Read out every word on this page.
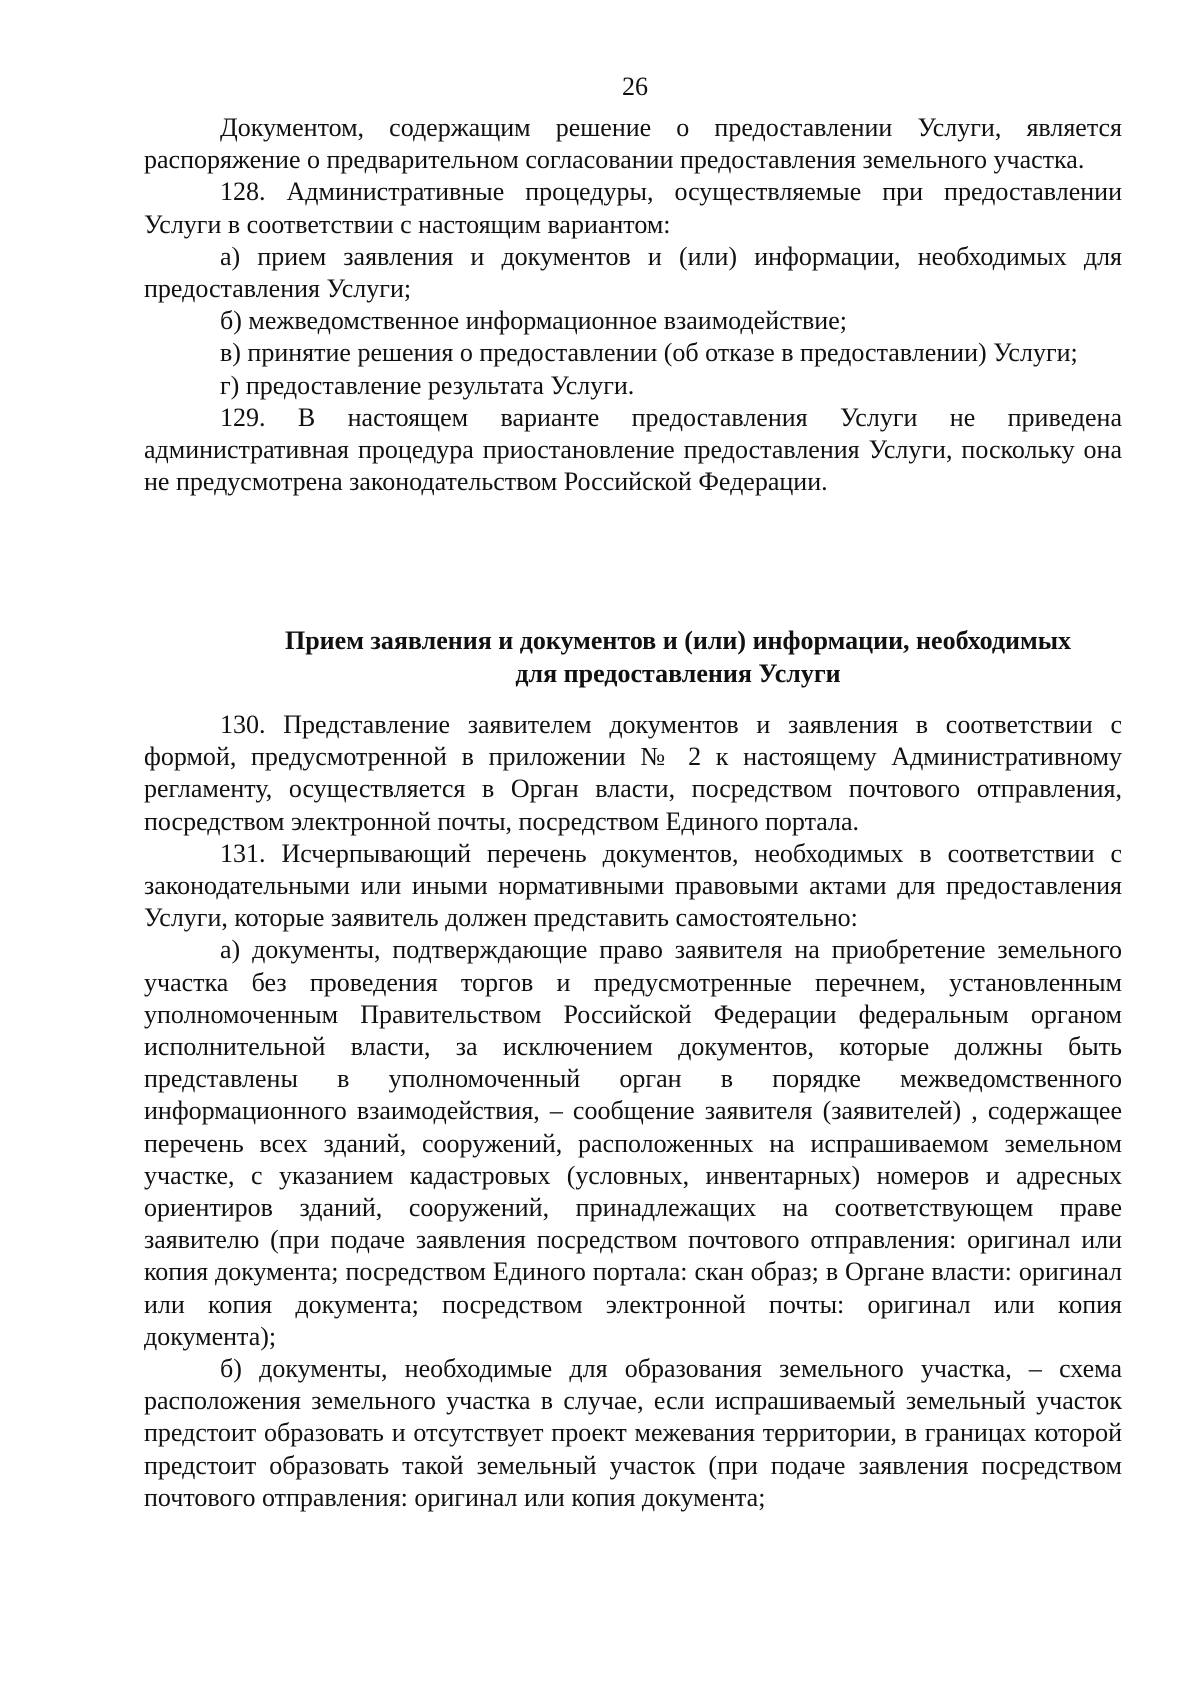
26

Документом, содержащим решение о предоставлении Услуги, является распоряжение о предварительном согласовании предоставления земельного участка.

128. Административные процедуры, осуществляемые при предоставлении Услуги в соответствии с настоящим вариантом:

а) прием заявления и документов и (или) информации, необходимых для предоставления Услуги;

б) межведомственное информационное взаимодействие;

в) принятие решения о предоставлении (об отказе в предоставлении) Услуги;

г) предоставление результата Услуги.

129. В настоящем варианте предоставления Услуги не приведена административная процедура приостановление предоставления Услуги, поскольку она не предусмотрена законодательством Российской Федерации.

Прием заявления и документов и (или) информации, необходимых
для предоставления Услуги

130. Представление заявителем документов и заявления в соответствии с формой, предусмотренной в приложении № 2 к настоящему Административному регламенту, осуществляется в Орган власти, посредством почтового отправления, посредством электронной почты, посредством Единого портала.

131. Исчерпывающий перечень документов, необходимых в соответствии с законодательными или иными нормативными правовыми актами для предоставления Услуги, которые заявитель должен представить самостоятельно:

а) документы, подтверждающие право заявителя на приобретение земельного участка без проведения торгов и предусмотренные перечнем, установленным уполномоченным Правительством Российской Федерации федеральным органом исполнительной власти, за исключением документов, которые должны быть представлены в уполномоченный орган в порядке межведомственного информационного взаимодействия, – сообщение заявителя (заявителей) , содержащее перечень всех зданий, сооружений, расположенных на испрашиваемом земельном участке, с указанием кадастровых (условных, инвентарных) номеров и адресных ориентиров зданий, сооружений, принадлежащих на соответствующем праве заявителю (при подаче заявления посредством почтового отправления: оригинал или копия документа; посредством Единого портала: скан образ; в Органе власти: оригинал или копия документа; посредством электронной почты: оригинал или копия документа);

б) документы, необходимые для образования земельного участка, – схема расположения земельного участка в случае, если испрашиваемый земельный участок предстоит образовать и отсутствует проект межевания территории, в границах которой предстоит образовать такой земельный участок (при подаче заявления посредством почтового отправления: оригинал или копия документа;
